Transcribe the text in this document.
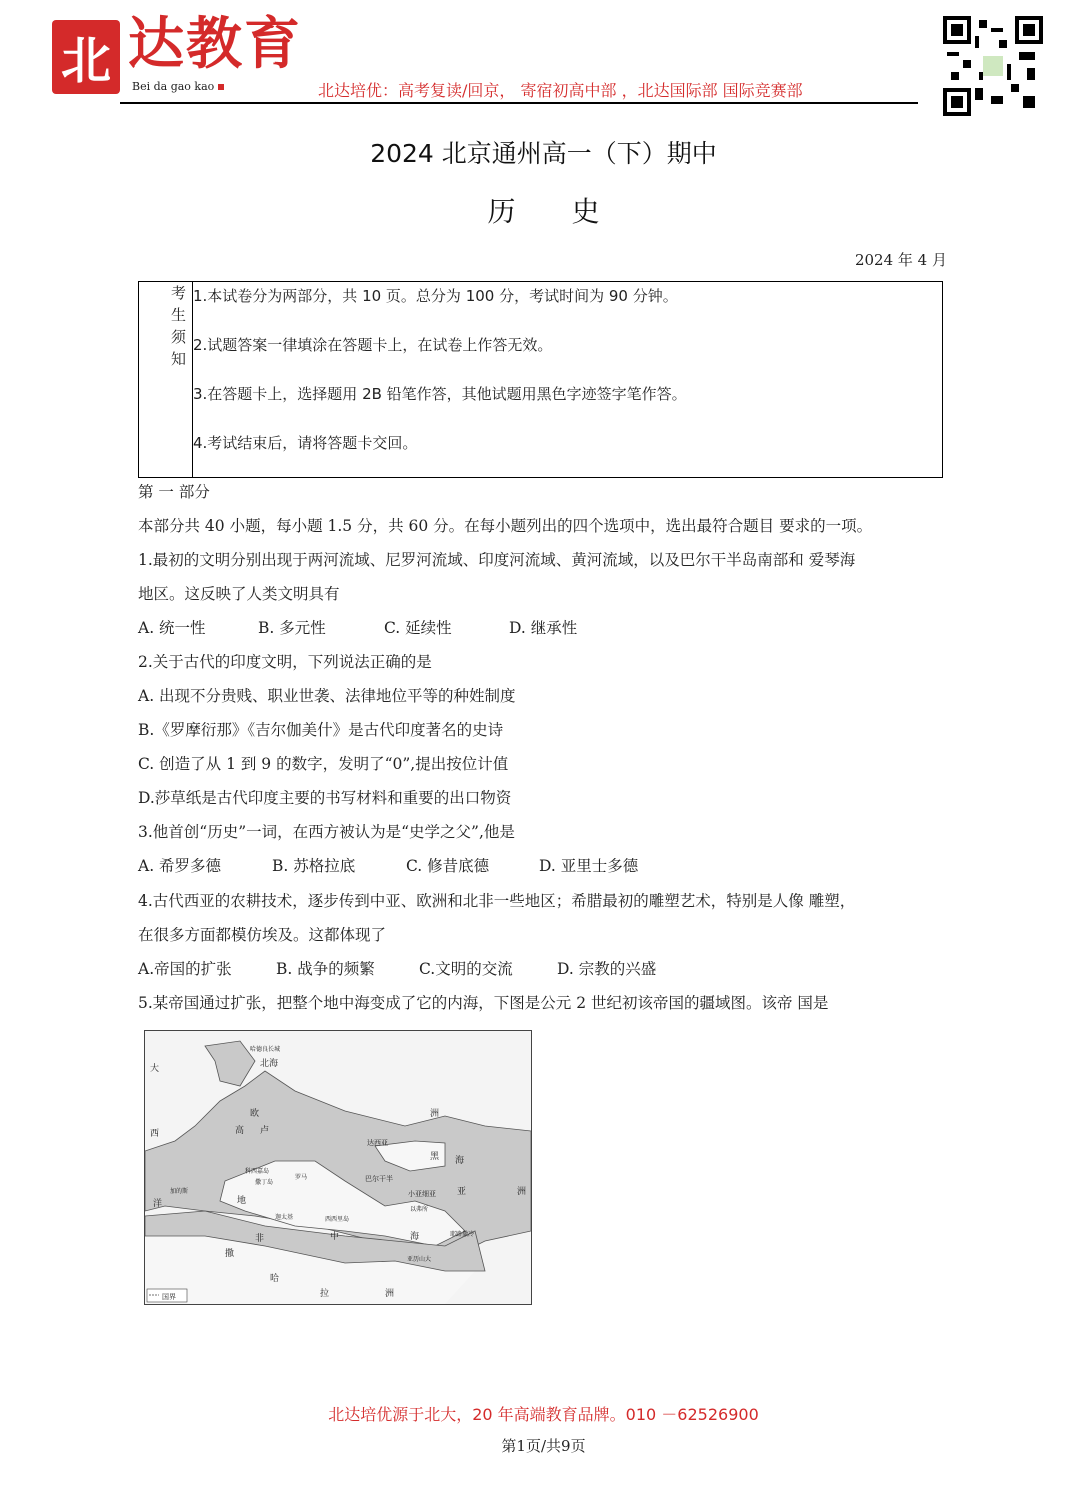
北 达教育
Bei da gao kao	北达培优：高考复读/回京， 寄宿初高中部 ，北达国际部 国际竞赛部
2024 北京通州高一（下）期中
历　　史
2024 年 4 月
考
生
须
知
1.本试卷分为两部分，共 10 页。总分为 100 分，考试时间为 90 分钟。
2.试题答案一律填涂在答题卡上，在试卷上作答无效。
3.在答题卡上，选择题用 2B 铅笔作答，其他试题用黑色字迹签字笔作答。
4.考试结束后，请将答题卡交回。
第 一 部分
本部分共 40 小题，每小题 1.5 分，共 60 分。在每小题列出的四个选项中，选出最符合题目 要求的一项。
1.最初的文明分别出现于两河流域、尼罗河流域、印度河流域、黄河流域，以及巴尔干半岛南部和 爱琴海
地区。这反映了人类文明具有
A. 统一性	B. 多元性	C. 延续性	D. 继承性
2.关于古代的印度文明，下列说法正确的是
A. 出现不分贵贱、职业世袭、法律地位平等的种姓制度
B.《罗摩衍那》《吉尔伽美什》是古代印度著名的史诗
C. 创造了从 1 到 9 的数字，发明了“0”,提出按位计值
D.莎草纸是古代印度主要的书写材料和重要的出口物资
3.他首创“历史”一词，在西方被认为是“史学之父”,他是
A. 希罗多德	B. 苏格拉底	C. 修昔底德	D. 亚里士多德
4.古代西亚的农耕技术，逐步传到中亚、欧洲和北非一些地区；希腊最初的雕塑艺术，特别是人像 雕塑，
在很多方面都模仿埃及。这都体现了
A.帝国的扩张	B. 战争的频繁	C.文明的交流	D. 宗教的兴盛
5.某帝国通过扩张，把整个地中海变成了它的内海，下图是公元 2 世纪初该帝国的疆域图。该帝 国是
国界
大
西
洋
哈德良长城
北海
欧	洲
高 卢
达西亚
黑 海
巴尔干半
小亚细亚 亚	洲
以弗所
科西嘉岛
撒丁岛
罗马
加的斯
迦太基	西西里岛
地
中	海
亚历山大
耶路撒冷
撒
哈
拉
非
洲
北达培优源于北大，20 年高端教育品牌。010 －62526900
第1页/共9页
